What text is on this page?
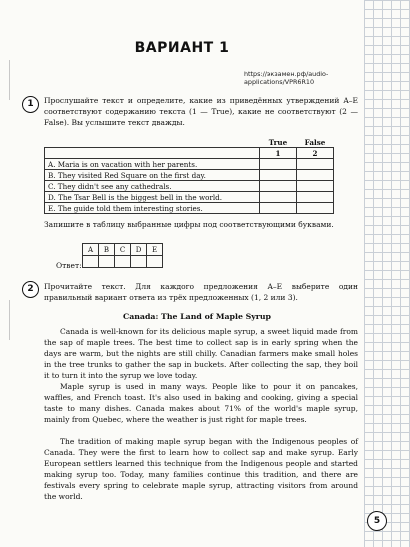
ВАРИАНТ 1
https://экзамен.рф/audio-applications/VPR6R10
1	Прослушайте текст и определите, какие из приведённых утверждений A–E соответствуют содержанию текста (1 — True), какие не соответствуют (2 — False). Вы услышите текст дважды.
	True	False
	1	2
A. Maria is on vacation with her parents.		
B. They visited Red Square on the first day.		
C. They didn't see any cathedrals.		
D. The Tsar Bell is the biggest bell in the world.		
E. The guide told them interesting stories.		
Запишите в таблицу выбранные цифры под соответствующими буквами.
Ответ:
A	B	C	D	E

2	Прочитайте текст. Для каждого предложения A–E выберите один правильный вариант ответа из трёх предложенных (1, 2 или 3).
Canada: The Land of Maple Syrup

Canada is well-known for its delicious maple syrup, a sweet liquid made from the sap of maple trees. The best time to collect sap is in early spring when the days are warm, but the nights are still chilly. Canadian farmers make small holes in the tree trunks to gather the sap in buckets. After collecting the sap, they boil it to turn it into the syrup we love today.

Maple syrup is used in many ways. People like to pour it on pancakes, waffles, and French toast. It's also used in baking and cooking, giving a special taste to many dishes. Canada makes about 71% of the world's maple syrup, mainly from Quebec, where the weather is just right for maple trees.

The tradition of making maple syrup began with the Indigenous peoples of Canada. They were the first to learn how to collect sap and make syrup. Early European settlers learned this technique from the Indigenous people and started making syrup too. Today, many families continue this tradition, and there are festivals every spring to celebrate maple syrup, attracting visitors from around the world.

5
